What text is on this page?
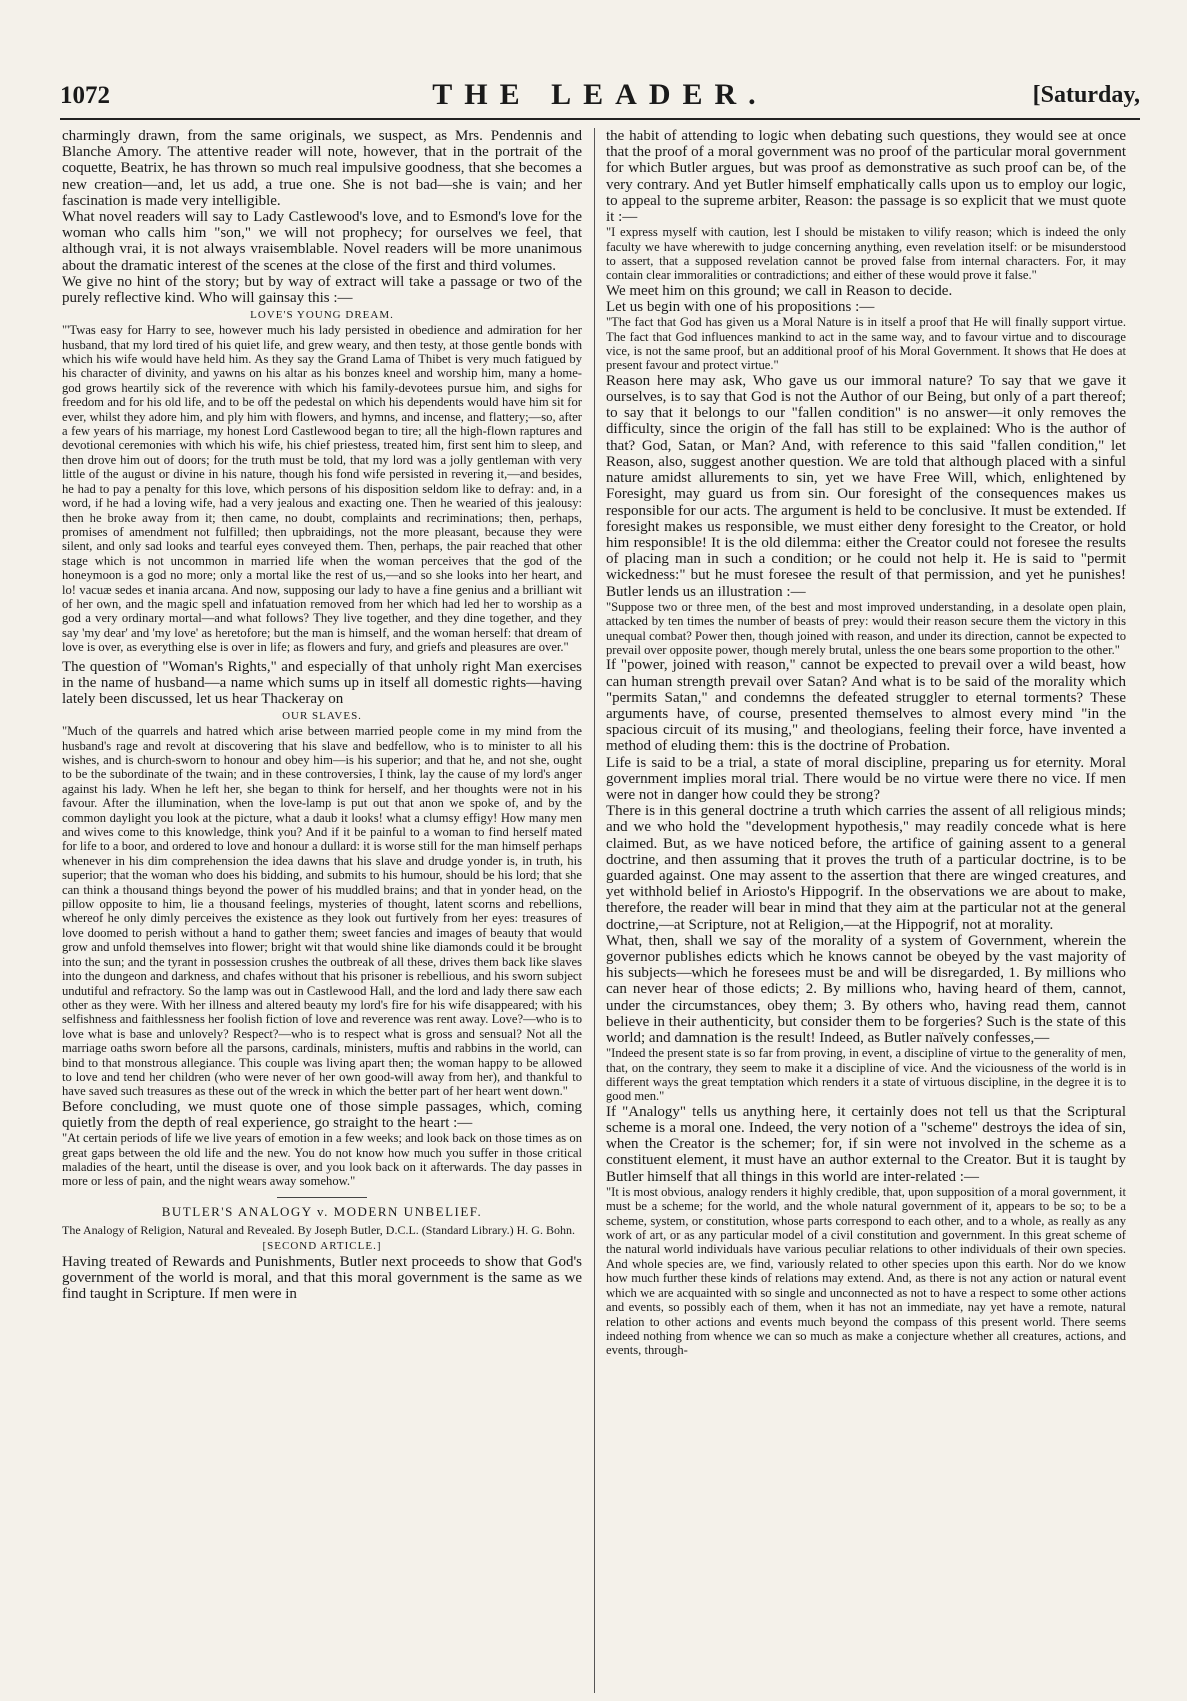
1072	THE LEADER.	[Saturday,

charmingly drawn, from the same originals, we suspect, as Mrs. Pendennis and Blanche Amory. The attentive reader will note, however, that in the portrait of the coquette, Beatrix, he has thrown so much real impulsive goodness, that she becomes a new creation—and, let us add, a true one. She is not bad—she is vain; and her fascination is made very intelligible.

What novel readers will say to Lady Castlewood's love, and to Esmond's love for the woman who calls him "son," we will not prophecy; for ourselves we feel, that although vrai, it is not always vraisemblable. Novel readers will be more unanimous about the dramatic interest of the scenes at the close of the first and third volumes.

We give no hint of the story; but by way of extract will take a passage or two of the purely reflective kind. Who will gainsay this :—

LOVE'S YOUNG DREAM.

"'Twas easy for Harry to see, however much his lady persisted in obedience and admiration for her husband, that my lord tired of his quiet life, and grew weary, and then testy, at those gentle bonds with which his wife would have held him. As they say the Grand Lama of Thibet is very much fatigued by his character of divinity, and yawns on his altar as his bonzes kneel and worship him, many a home-god grows heartily sick of the reverence with which his family-devotees pursue him, and sighs for freedom and for his old life, and to be off the pedestal on which his dependents would have him sit for ever, whilst they adore him, and ply him with flowers, and hymns, and incense, and flattery;—so, after a few years of his marriage, my honest Lord Castlewood began to tire; all the high-flown raptures and devotional ceremonies with which his wife, his chief priestess, treated him, first sent him to sleep, and then drove him out of doors; for the truth must be told, that my lord was a jolly gentleman with very little of the august or divine in his nature, though his fond wife persisted in revering it,—and besides, he had to pay a penalty for this love, which persons of his disposition seldom like to defray: and, in a word, if he had a loving wife, had a very jealous and exacting one. Then he wearied of this jealousy: then he broke away from it; then came, no doubt, complaints and recriminations; then, perhaps, promises of amendment not fulfilled; then upbraidings, not the more pleasant, because they were silent, and only sad looks and tearful eyes conveyed them. Then, perhaps, the pair reached that other stage which is not uncommon in married life when the woman perceives that the god of the honeymoon is a god no more; only a mortal like the rest of us,—and so she looks into her heart, and lo! vacuæ sedes et inania arcana. And now, supposing our lady to have a fine genius and a brilliant wit of her own, and the magic spell and infatuation removed from her which had led her to worship as a god a very ordinary mortal—and what follows? They live together, and they dine together, and they say 'my dear' and 'my love' as heretofore; but the man is himself, and the woman herself: that dream of love is over, as everything else is over in life; as flowers and fury, and griefs and pleasures are over."

The question of "Woman's Rights," and especially of that unholy right Man exercises in the name of husband—a name which sums up in itself all domestic rights—having lately been discussed, let us hear Thackeray on

OUR SLAVES.

"Much of the quarrels and hatred which arise between married people come in my mind from the husband's rage and revolt at discovering that his slave and bedfellow, who is to minister to all his wishes, and is church-sworn to honour and obey him—is his superior; and that he, and not she, ought to be the subordinate of the twain; and in these controversies, I think, lay the cause of my lord's anger against his lady. When he left her, she began to think for herself, and her thoughts were not in his favour. After the illumination, when the love-lamp is put out that anon we spoke of, and by the common daylight you look at the picture, what a daub it looks! what a clumsy effigy! How many men and wives come to this knowledge, think you? And if it be painful to a woman to find herself mated for life to a boor, and ordered to love and honour a dullard: it is worse still for the man himself perhaps whenever in his dim comprehension the idea dawns that his slave and drudge yonder is, in truth, his superior; that the woman who does his bidding, and submits to his humour, should be his lord; that she can think a thousand things beyond the power of his muddled brains; and that in yonder head, on the pillow opposite to him, lie a thousand feelings, mysteries of thought, latent scorns and rebellions, whereof he only dimly perceives the existence as they look out furtively from her eyes: treasures of love doomed to perish without a hand to gather them; sweet fancies and images of beauty that would grow and unfold themselves into flower; bright wit that would shine like diamonds could it be brought into the sun; and the tyrant in possession crushes the outbreak of all these, drives them back like slaves into the dungeon and darkness, and chafes without that his prisoner is rebellious, and his sworn subject undutiful and refractory. So the lamp was out in Castlewood Hall, and the lord and lady there saw each other as they were. With her illness and altered beauty my lord's fire for his wife disappeared; with his selfishness and faithlessness her foolish fiction of love and reverence was rent away. Love?—who is to love what is base and unlovely? Respect?—who is to respect what is gross and sensual? Not all the marriage oaths sworn before all the parsons, cardinals, ministers, muftis and rabbins in the world, can bind to that monstrous allegiance. This couple was living apart then; the woman happy to be allowed to love and tend her children (who were never of her own good-will away from her), and thankful to have saved such treasures as these out of the wreck in which the better part of her heart went down."

Before concluding, we must quote one of those simple passages, which, coming quietly from the depth of real experience, go straight to the heart :—

"At certain periods of life we live years of emotion in a few weeks; and look back on those times as on great gaps between the old life and the new. You do not know how much you suffer in those critical maladies of the heart, until the disease is over, and you look back on it afterwards. The day passes in more or less of pain, and the night wears away somehow."

BUTLER'S ANALOGY v. MODERN UNBELIEF.

The Analogy of Religion, Natural and Revealed. By Joseph Butler, D.C.L. (Standard Library.) H. G. Bohn.

[SECOND ARTICLE.]

Having treated of Rewards and Punishments, Butler next proceeds to show that God's government of the world is moral, and that this moral government is the same as we find taught in Scripture. If men were in

the habit of attending to logic when debating such questions, they would see at once that the proof of a moral government was no proof of the particular moral government for which Butler argues, but was proof as demonstrative as such proof can be, of the very contrary. And yet Butler himself emphatically calls upon us to employ our logic, to appeal to the supreme arbiter, Reason: the passage is so explicit that we must quote it :—

"I express myself with caution, lest I should be mistaken to vilify reason; which is indeed the only faculty we have wherewith to judge concerning anything, even revelation itself: or be misunderstood to assert, that a supposed revelation cannot be proved false from internal characters. For, it may contain clear immoralities or contradictions; and either of these would prove it false."

We meet him on this ground; we call in Reason to decide.

Let us begin with one of his propositions :—

"The fact that God has given us a Moral Nature is in itself a proof that He will finally support virtue. The fact that God influences mankind to act in the same way, and to favour virtue and to discourage vice, is not the same proof, but an additional proof of his Moral Government. It shows that He does at present favour and protect virtue."

Reason here may ask, Who gave us our immoral nature? To say that we gave it ourselves, is to say that God is not the Author of our Being, but only of a part thereof; to say that it belongs to our "fallen condition" is no answer—it only removes the difficulty, since the origin of the fall has still to be explained: Who is the author of that? God, Satan, or Man? And, with reference to this said "fallen condition," let Reason, also, suggest another question. We are told that although placed with a sinful nature amidst allurements to sin, yet we have Free Will, which, enlightened by Foresight, may guard us from sin. Our foresight of the consequences makes us responsible for our acts. The argument is held to be conclusive. It must be extended. If foresight makes us responsible, we must either deny foresight to the Creator, or hold him responsible! It is the old dilemma: either the Creator could not foresee the results of placing man in such a condition; or he could not help it. He is said to "permit wickedness:" but he must foresee the result of that permission, and yet he punishes! Butler lends us an illustration :—

"Suppose two or three men, of the best and most improved understanding, in a desolate open plain, attacked by ten times the number of beasts of prey: would their reason secure them the victory in this unequal combat? Power then, though joined with reason, and under its direction, cannot be expected to prevail over opposite power, though merely brutal, unless the one bears some proportion to the other."

If "power, joined with reason," cannot be expected to prevail over a wild beast, how can human strength prevail over Satan? And what is to be said of the morality which "permits Satan," and condemns the defeated struggler to eternal torments? These arguments have, of course, presented themselves to almost every mind "in the spacious circuit of its musing," and theologians, feeling their force, have invented a method of eluding them: this is the doctrine of Probation.

Life is said to be a trial, a state of moral discipline, preparing us for eternity. Moral government implies moral trial. There would be no virtue were there no vice. If men were not in danger how could they be strong?

There is in this general doctrine a truth which carries the assent of all religious minds; and we who hold the "development hypothesis," may readily concede what is here claimed. But, as we have noticed before, the artifice of gaining assent to a general doctrine, and then assuming that it proves the truth of a particular doctrine, is to be guarded against. One may assent to the assertion that there are winged creatures, and yet withhold belief in Ariosto's Hippogrif. In the observations we are about to make, therefore, the reader will bear in mind that they aim at the particular not at the general doctrine,—at Scripture, not at Religion,—at the Hippogrif, not at morality.

What, then, shall we say of the morality of a system of Government, wherein the governor publishes edicts which he knows cannot be obeyed by the vast majority of his subjects—which he foresees must be and will be disregarded, 1. By millions who can never hear of those edicts; 2. By millions who, having heard of them, cannot, under the circumstances, obey them; 3. By others who, having read them, cannot believe in their authenticity, but consider them to be forgeries? Such is the state of this world; and damnation is the result! Indeed, as Butler naïvely confesses,—

"Indeed the present state is so far from proving, in event, a discipline of virtue to the generality of men, that, on the contrary, they seem to make it a discipline of vice. And the viciousness of the world is in different ways the great temptation which renders it a state of virtuous discipline, in the degree it is to good men."

If "Analogy" tells us anything here, it certainly does not tell us that the Scriptural scheme is a moral one. Indeed, the very notion of a "scheme" destroys the idea of sin, when the Creator is the schemer; for, if sin were not involved in the scheme as a constituent element, it must have an author external to the Creator. But it is taught by Butler himself that all things in this world are inter-related :—

"It is most obvious, analogy renders it highly credible, that, upon supposition of a moral government, it must be a scheme; for the world, and the whole natural government of it, appears to be so; to be a scheme, system, or constitution, whose parts correspond to each other, and to a whole, as really as any work of art, or as any particular model of a civil constitution and government. In this great scheme of the natural world individuals have various peculiar relations to other individuals of their own species. And whole species are, we find, variously related to other species upon this earth. Nor do we know how much further these kinds of relations may extend. And, as there is not any action or natural event which we are acquainted with so single and unconnected as not to have a respect to some other actions and events, so possibly each of them, when it has not an immediate, nay yet have a remote, natural relation to other actions and events much beyond the compass of this present world. There seems indeed nothing from whence we can so much as make a conjecture whether all creatures, actions, and events, through-
